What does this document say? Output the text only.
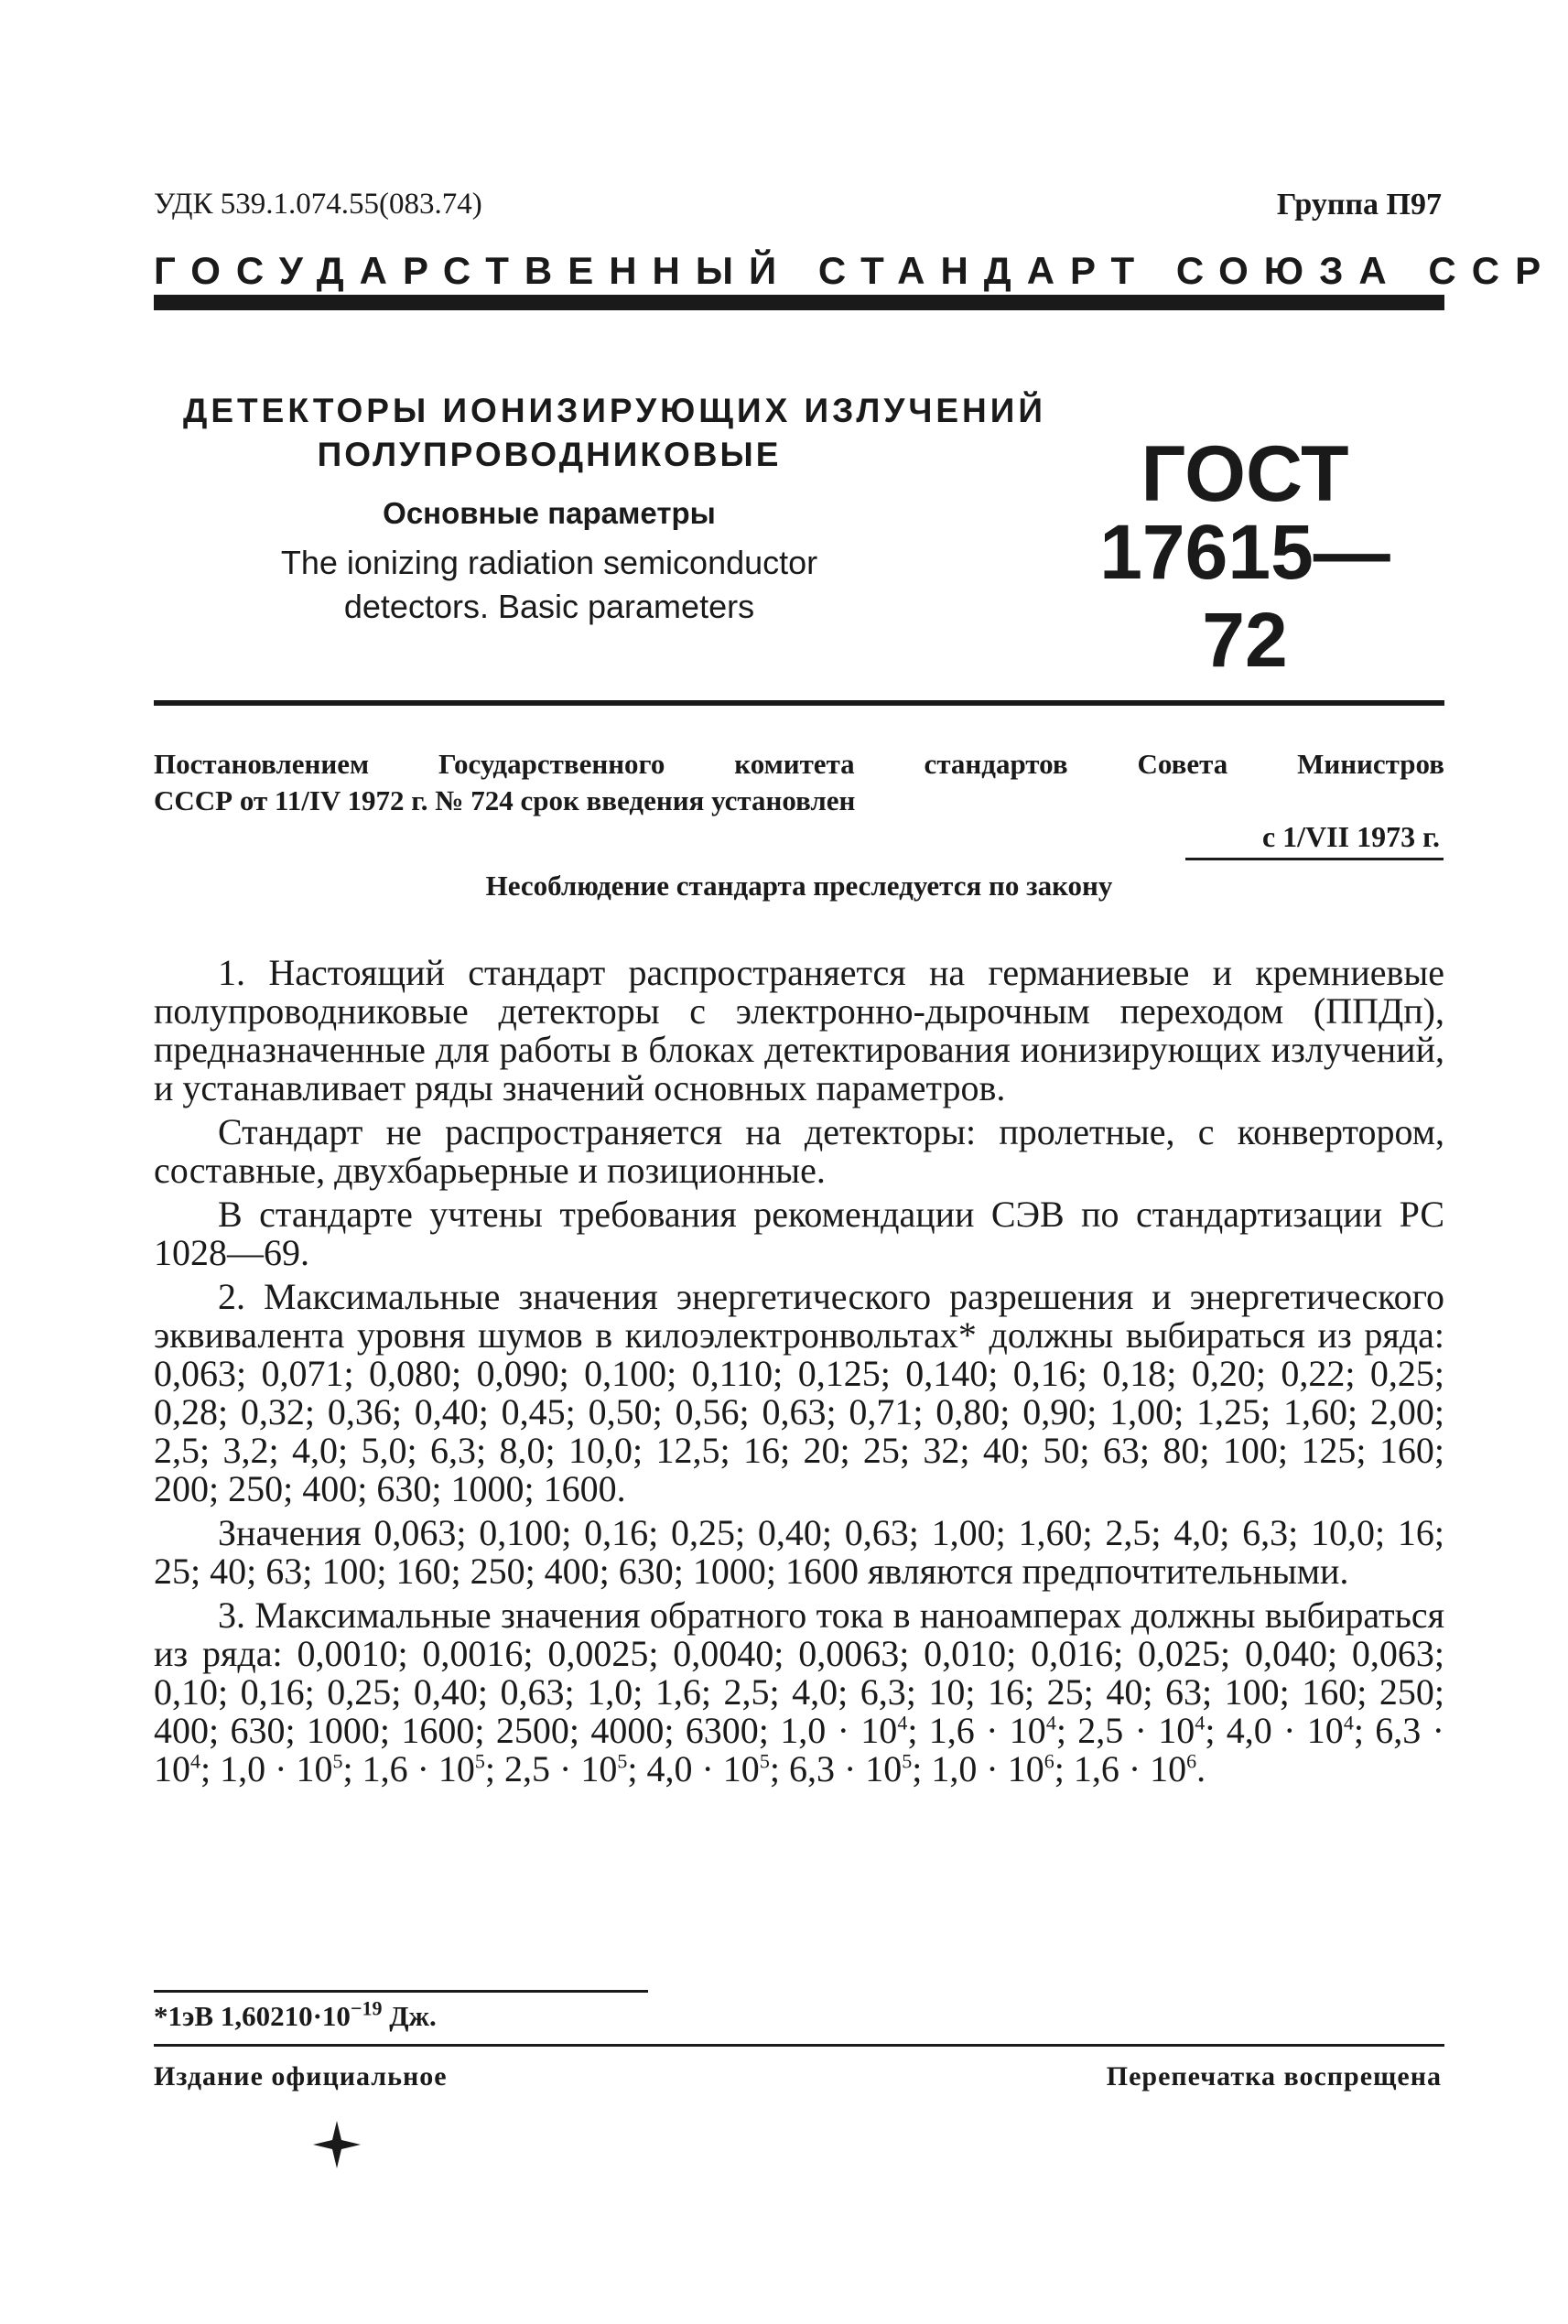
УДК 539.1.074.55(083.74)	Группа П97
ГОСУДАРСТВЕННЫЙ СТАНДАРТ СОЮЗА ССР
ДЕТЕКТОРЫ ИОНИЗИРУЮЩИХ ИЗЛУЧЕНИЙ
ПОЛУПРОВОДНИКОВЫЕ
Основные параметры
The ionizing radiation semiconductor
detectors. Basic parameters
ГОСТ
17615—72
Постановлением Государственного комитета стандартов Совета Министров
СССР от 11/IV 1972 г. № 724 срок введения установлен
с 1/VII 1973 г.
Несоблюдение стандарта преследуется по закону

1. Настоящий стандарт распространяется на германиевые и кремниевые полупроводниковые детекторы с электронно-дырочным переходом (ППДп), предназначенные для работы в блоках детектирования ионизирующих излучений, и устанавливает ряды значений основных параметров.

Стандарт не распространяется на детекторы: пролетные, с конвертором, составные, двухбарьерные и позиционные.

В стандарте учтены требования рекомендации СЭВ по стандартизации РС 1028—69.

2. Максимальные значения энергетического разрешения и энергетического эквивалента уровня шумов в килоэлектронвольтах* должны выбираться из ряда: 0,063; 0,071; 0,080; 0,090; 0,100; 0,110; 0,125; 0,140; 0,16; 0,18; 0,20; 0,22; 0,25; 0,28; 0,32; 0,36; 0,40; 0,45; 0,50; 0,56; 0,63; 0,71; 0,80; 0,90; 1,00; 1,25; 1,60; 2,00; 2,5; 3,2; 4,0; 5,0; 6,3; 8,0; 10,0; 12,5; 16; 20; 25; 32; 40; 50; 63; 80; 100; 125; 160; 200; 250; 400; 630; 1000; 1600.

Значения 0,063; 0,100; 0,16; 0,25; 0,40; 0,63; 1,00; 1,60; 2,5; 4,0; 6,3; 10,0; 16; 25; 40; 63; 100; 160; 250; 400; 630; 1000; 1600 являются предпочтительными.

3. Максимальные значения обратного тока в наноамперах должны выбираться из ряда: 0,0010; 0,0016; 0,0025; 0,0040; 0,0063; 0,010; 0,016; 0,025; 0,040; 0,063; 0,10; 0,16; 0,25; 0,40; 0,63; 1,0; 1,6; 2,5; 4,0; 6,3; 10; 16; 25; 40; 63; 100; 160; 250; 400; 630; 1000; 1600; 2500; 4000; 6300; $1,0 \cdot 10^4$; $1,6 \cdot 10^4$; $2,5 \cdot 10^4$; $4,0 \cdot 10^4$; $6,3 \cdot 10^4$; $1,0 \cdot 10^5$; $1,6 \cdot 10^5$; $2,5 \cdot 10^5$; $4,0 \cdot 10^5$; $6,3 \cdot 10^5$; $1,0 \cdot 10^6$; $1,6 \cdot 10^6$.

*1эВ $1,60210\cdot 10^{-19}$ Дж.
Издание официальное	Перепечатка воспрещена
